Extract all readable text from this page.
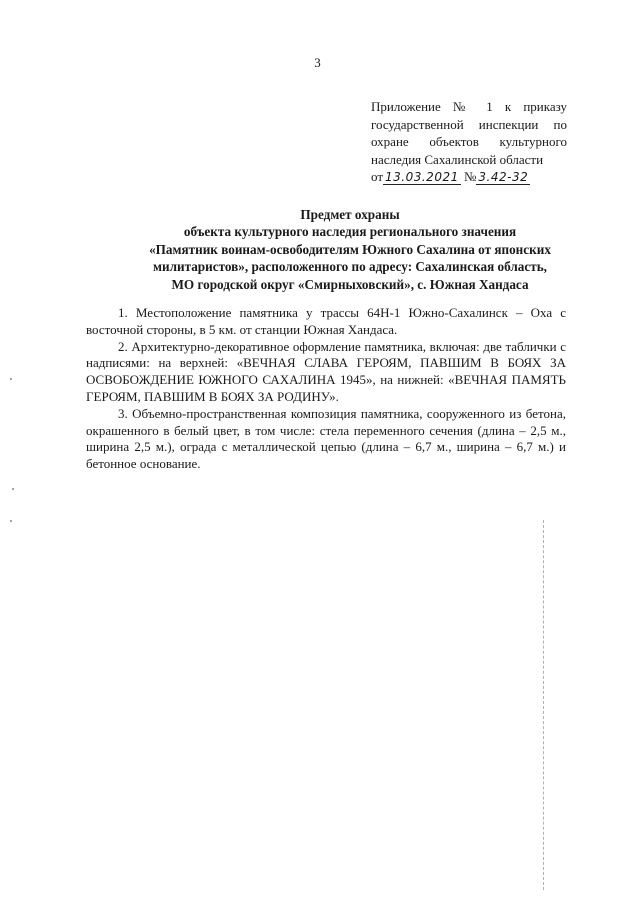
3
Приложение № 1 к приказу
государственной инспекции по
охране объектов культурного
наследия Сахалинской области
от 13.03.2021 № 3.42-32
Предмет охраны
объекта культурного наследия регионального значения
«Памятник воинам-освободителям Южного Сахалина от японских
милитаристов», расположенного по адресу: Сахалинская область,
МО городской округ «Смирныховский», с. Южная Хандаса

1. Местоположение памятника у трассы 64Н-1 Южно-Сахалинск – Оха с восточной стороны, в 5 км. от станции Южная Хандаса.

2. Архитектурно-декоративное оформление памятника, включая: две таблички с надписями: на верхней: «ВЕЧНАЯ СЛАВА ГЕРОЯМ, ПАВШИМ В БОЯХ ЗА ОСВОБОЖДЕНИЕ ЮЖНОГО САХАЛИНА 1945», на нижней: «ВЕЧНАЯ ПАМЯТЬ ГЕРОЯМ, ПАВШИМ В БОЯХ ЗА РОДИНУ».

3. Объемно-пространственная композиция памятника, сооруженного из бетона, окрашенного в белый цвет, в том числе: стела переменного сечения (длина – 2,5 м., ширина 2,5 м.), ограда с металлической цепью (длина – 6,7 м., ширина – 6,7 м.) и бетонное основание.
